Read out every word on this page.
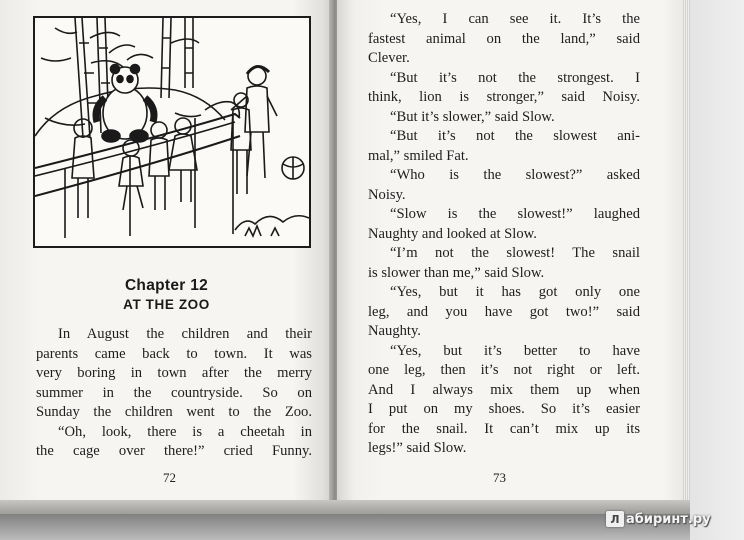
Chapter 12
AT THE ZOO
In August the children and their
parents came back to town. It was
very boring in town after the merry
summer in the countryside. So on
Sunday the children went to the Zoo.
“Oh, look, there is a cheetah in
the cage over there!” cried Funny.
72	73
“Yes, I can see it. It’s the
fastest animal on the land,” said
Clever.
“But it’s not the strongest. I
think, lion is stronger,” said Noisy.
“But it’s slower,” said Slow.
“But it’s not the slowest ani-
mal,” smiled Fat.
“Who is the slowest?” asked
Noisy.
“Slow is the slowest!” laughed
Naughty and looked at Slow.
“I’m not the slowest! The snail
is slower than me,” said Slow.
“Yes, but it has got only one
leg, and you have got two!” said
Naughty.
“Yes, but it’s better to have
one leg, then it’s not right or left.
And I always mix them up when
I put on my shoes. So it’s easier
for the snail. It can’t mix up its
legs!” said Slow.
Л абиринт.ру
